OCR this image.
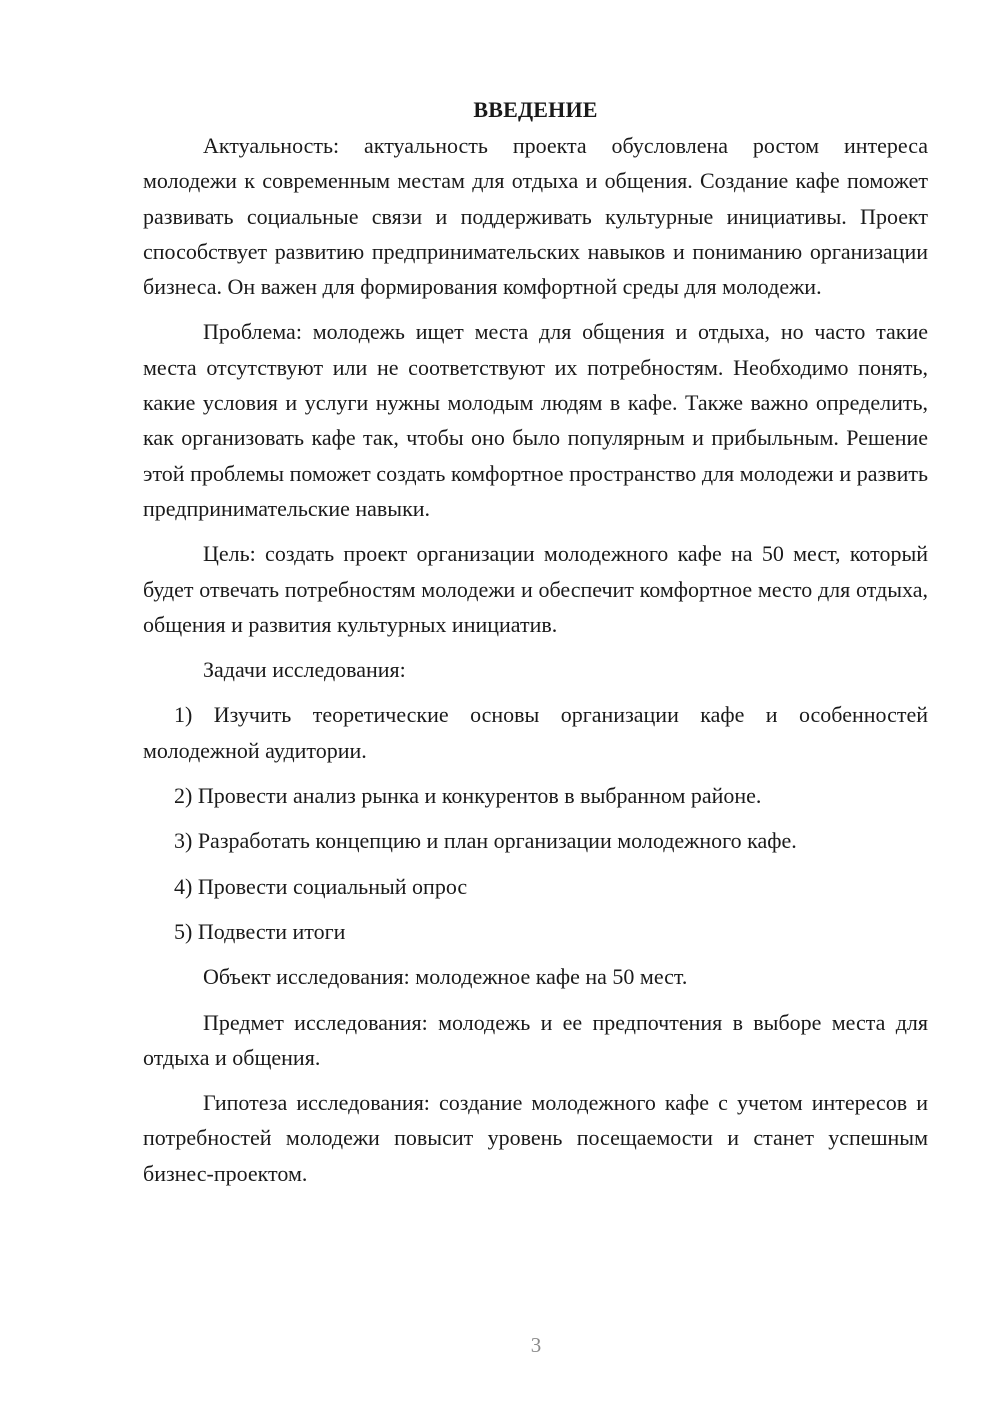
ВВЕДЕНИЕ

Актуальность: актуальность проекта обусловлена ростом интереса молодежи к современным местам для отдыха и общения. Создание кафе поможет развивать социальные связи и поддерживать культурные инициативы. Проект способствует развитию предпринимательских навыков и пониманию организации бизнеса. Он важен для формирования комфортной среды для молодежи.

Проблема: молодежь ищет места для общения и отдыха, но часто такие места отсутствуют или не соответствуют их потребностям. Необходимо понять, какие условия и услуги нужны молодым людям в кафе. Также важно определить, как организовать кафе так, чтобы оно было популярным и прибыльным. Решение этой проблемы поможет создать комфортное пространство для молодежи и развить предпринимательские навыки.

Цель: создать проект организации молодежного кафе на 50 мест, который будет отвечать потребностям молодежи и обеспечит комфортное место для отдыха, общения и развития культурных инициатив.

Задачи исследования:

1) Изучить теоретические основы организации кафе и особенностей молодежной аудитории.

2) Провести анализ рынка и конкурентов в выбранном районе.

3) Разработать концепцию и план организации молодежного кафе.

4) Провести социальный опрос

5) Подвести итоги

Объект исследования: молодежное кафе на 50 мест.

Предмет исследования: молодежь и ее предпочтения в выборе места для отдыха и общения.

Гипотеза исследования: создание молодежного кафе с учетом интересов и потребностей молодежи повысит уровень посещаемости и станет успешным бизнес-проектом.

3
